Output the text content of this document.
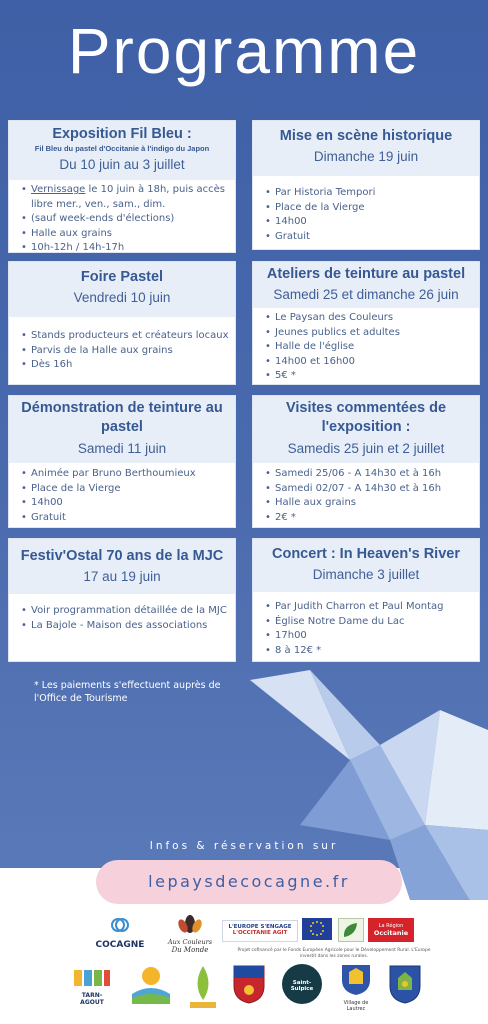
Programme
Exposition Fil Bleu :
Fil Bleu du pastel d'Occitanie à l'indigo du Japon
Du 10 juin au 3 juillet
• Vernissage le 10 juin à 18h, puis accès libre mer., ven., sam., dim.
• (sauf week-ends d'élections)
• Halle aux grains
• 10h-12h / 14h-17h
Mise en scène historique
Dimanche 19 juin
• Par Historia Tempori
• Place de la Vierge
• 14h00
• Gratuit
Foire Pastel
Vendredi 10 juin
• Stands producteurs et créateurs locaux
• Parvis de la Halle aux grains
• Dès 16h
Ateliers de teinture au pastel
Samedi 25 et dimanche 26 juin
• Le Paysan des Couleurs
• Jeunes publics et adultes
• Halle de l'église
• 14h00 et 16h00
• 5€ *
Démonstration de teinture au pastel
Samedi 11 juin
• Animée par Bruno Berthoumieux
• Place de la Vierge
• 14h00
• Gratuit
Visites commentées de l'exposition :
Samedis 25 juin et 2 juillet
• Samedi 25/06 - A 14h30 et à 16h
• Samedi 02/07 - A 14h30 et à 16h
• Halle aux grains
• 2€ *
Festiv'Ostal 70 ans de la MJC
17 au 19 juin
• Voir programmation détaillée de la MJC
• La Bajole - Maison des associations
Concert : In Heaven's River
Dimanche 3 juillet
• Par Judith Charron et Paul Montag
• Église Notre Dame du Lac
• 17h00
• 8 à 12€ *
* Les paiements s'effectuent auprès de l'Office de Tourisme
Infos & réservation sur
lepaysdecocagne.fr
COCAGNE	Aux Couleurs
Du Monde
L'EUROPE S'ENGAGE
L'OCCITANIE AGIT
La Région
Occitanie
Projet cofinancé par le Fonds Européen Agricole pour le Développement Rural. L'Europe investit dans les zones rurales.
TARN-AGOUT
Saint-Sulpice
Village de Lautrec
